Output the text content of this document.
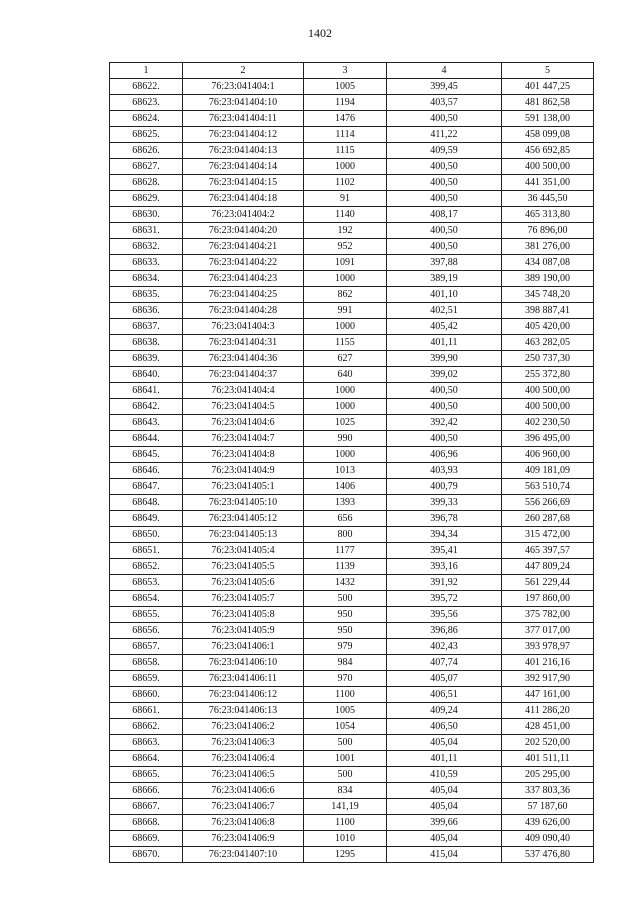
1402
1	2	3	4	5
68622.	76:23:041404:1	1005	399,45	401 447,25
68623.	76:23:041404:10	1194	403,57	481 862,58
68624.	76:23:041404:11	1476	400,50	591 138,00
68625.	76:23:041404:12	1114	411,22	458 099,08
68626.	76:23:041404:13	1115	409,59	456 692,85
68627.	76:23:041404:14	1000	400,50	400 500,00
68628.	76:23:041404:15	1102	400,50	441 351,00
68629.	76:23:041404:18	91	400,50	36 445,50
68630.	76:23:041404:2	1140	408,17	465 313,80
68631.	76:23:041404:20	192	400,50	76 896,00
68632.	76:23:041404:21	952	400,50	381 276,00
68633.	76:23:041404:22	1091	397,88	434 087,08
68634.	76:23:041404:23	1000	389,19	389 190,00
68635.	76:23:041404:25	862	401,10	345 748,20
68636.	76:23:041404:28	991	402,51	398 887,41
68637.	76:23:041404:3	1000	405,42	405 420,00
68638.	76:23:041404:31	1155	401,11	463 282,05
68639.	76:23:041404:36	627	399,90	250 737,30
68640.	76:23:041404:37	640	399,02	255 372,80
68641.	76:23:041404:4	1000	400,50	400 500,00
68642.	76:23:041404:5	1000	400,50	400 500,00
68643.	76:23:041404:6	1025	392,42	402 230,50
68644.	76:23:041404:7	990	400,50	396 495,00
68645.	76:23:041404:8	1000	406,96	406 960,00
68646.	76:23:041404:9	1013	403,93	409 181,09
68647.	76:23:041405:1	1406	400,79	563 510,74
68648.	76:23:041405:10	1393	399,33	556 266,69
68649.	76:23:041405:12	656	396,78	260 287,68
68650.	76:23:041405:13	800	394,34	315 472,00
68651.	76:23:041405:4	1177	395,41	465 397,57
68652.	76:23:041405:5	1139	393,16	447 809,24
68653.	76:23:041405:6	1432	391,92	561 229,44
68654.	76:23:041405:7	500	395,72	197 860,00
68655.	76:23:041405:8	950	395,56	375 782,00
68656.	76:23:041405:9	950	396,86	377 017,00
68657.	76:23:041406:1	979	402,43	393 978,97
68658.	76:23:041406:10	984	407,74	401 216,16
68659.	76:23:041406:11	970	405,07	392 917,90
68660.	76:23:041406:12	1100	406,51	447 161,00
68661.	76:23:041406:13	1005	409,24	411 286,20
68662.	76:23:041406:2	1054	406,50	428 451,00
68663.	76:23:041406:3	500	405,04	202 520,00
68664.	76:23:041406:4	1001	401,11	401 511,11
68665.	76:23:041406:5	500	410,59	205 295,00
68666.	76:23:041406:6	834	405,04	337 803,36
68667.	76:23:041406:7	141,19	405,04	57 187,60
68668.	76:23:041406:8	1100	399,66	439 626,00
68669.	76:23:041406:9	1010	405,04	409 090,40
68670.	76:23:041407:10	1295	415,04	537 476,80
